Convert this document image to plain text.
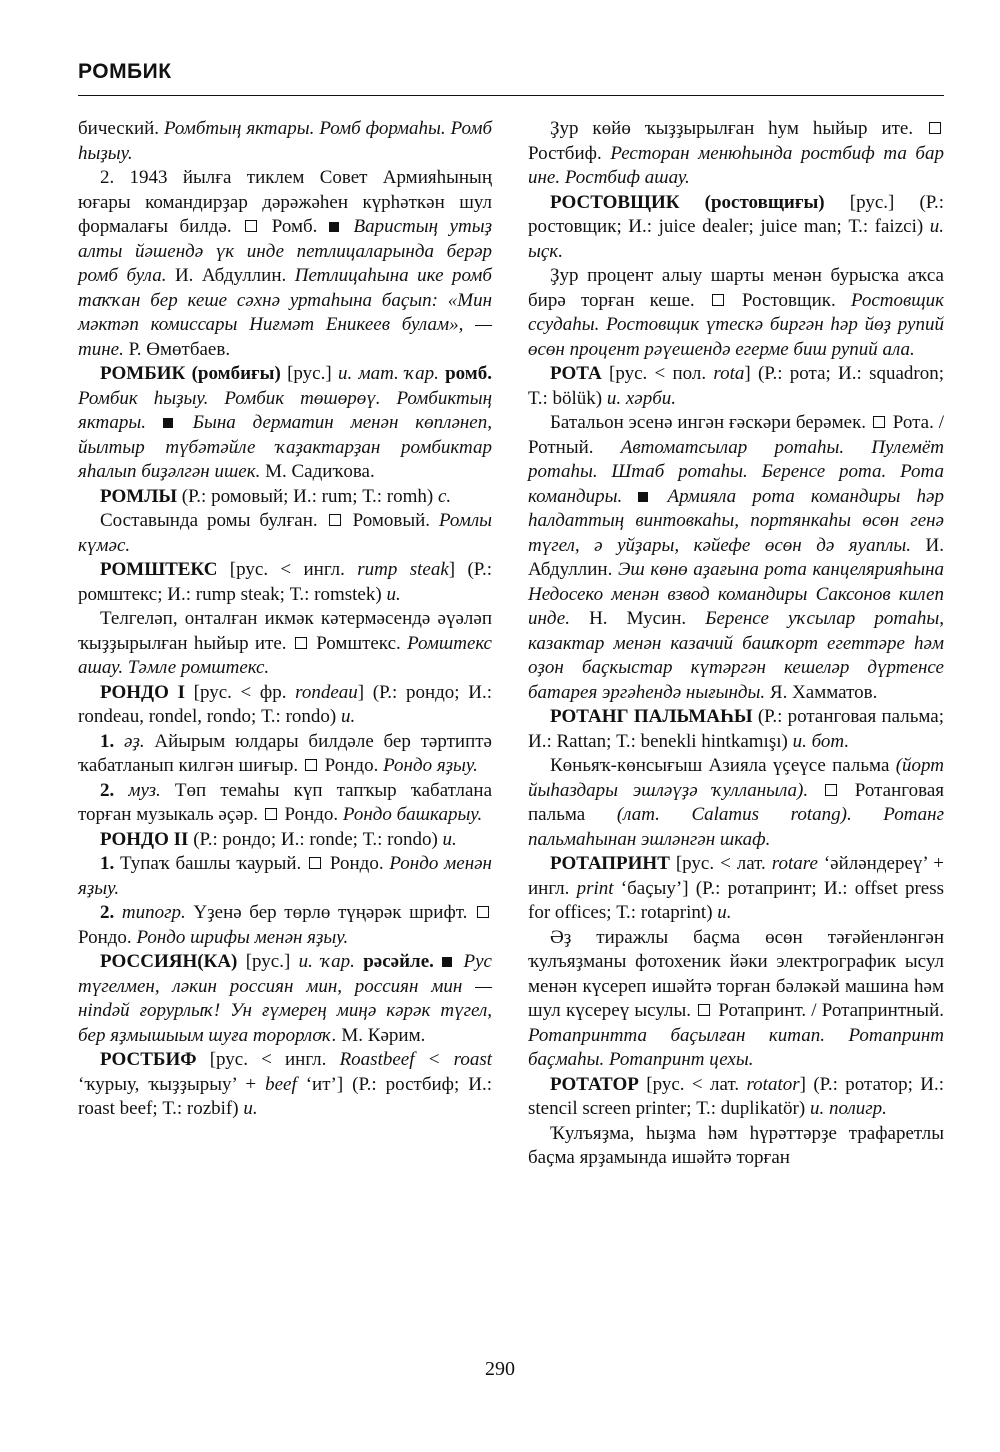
РОМБИК

бический. Ромбтың яктары. Ромб формаһы. Ромб һыҙыу.

2. 1943 йылға тиклем Совет Армияһының юғары командирҙар дәрәжәһен күрһәткән шул формалағы билдә.  Ромб.  Варистың утыҙ алты йәшендә үк инде петлицаларында берәр ромб була. И. Абдуллин. Петлицаһына ике ромб таҡҡан бер кеше сәхнә уртаһына баҫып: «Мин мәктәп комиссары Ниғмәт Еникеев булам», — тине. Р. Өмөтбаев.

РОМБИК (ромбиғы) [рус.] и. мат. ҡар. ромб. Ромбик һыҙыу. Ромбик төшөрөү. Ромбиктың яктары.  Бына дерматин менән көпләнеп, йылтыр түбәтәйле ҡаҙактарҙан ромбиктар яһалып биҙәлгән ишек. М. Садиҡова.

РОМЛЫ (Р.: ромовый; И.: rum; Т.: romh) с.

Составында ромы булған.  Ромовый. Ромлы күмәс.

РОМШТЕКС [рус. < ингл. rump steak] (Р.: ромштекс; И.: rump steak; Т.: romstek) и.

Телгеләп, онталған икмәк кәтермәсендә әүәләп ҡыҙҙырылған һыйыр ите.  Ромштекс. Ромштекс ашау. Тәмле ромштекс.

РОНДО I [рус. < фр. rondeau] (Р.: рондо; И.: rondeau, rondel, rondo; Т.: rondo) и.

1. әҙ. Айырым юлдары билдәле бер тәртиптә ҡабатланып килгән шиғыр.  Рондо. Рондо яҙыу.

2. муз. Төп темаһы күп тапҡыр ҡабатлана торған музыкаль әҫәр.  Рондо. Рондо башкарыу.

РОНДО II (Р.: рондо; И.: ronde; Т.: rondo) и.

1. Тупаҡ башлы ҡаурый.  Рондо. Рондо менән яҙыу.

2. типогр. Үҙенә бер төрлө түңәрәк шрифт.  Рондо. Рондо шрифы менән яҙыу.

РОССИЯН(КА) [рус.] и. ҡар. рәсәйле.  Рус түгелмен, ләкин россиян мин, россиян мин — нindәй ғорурлыҡ! Ун ғүмерең миңә кәрәк түгел, бер яҙмышыым шуға торорлоҡ. М. Кәрим.

РОСТБИФ [рус. < ингл. Roastbeef < roast ‘ҡурыу, ҡыҙҙырыу’ + beef ‘ит’] (Р.: ростбиф; И.: roast beef; Т.: rozbif) и.

Ҙур көйө ҡыҙҙырылған һум һыйыр ите.  Ростбиф. Ресторан менюһында ростбиф та бар ине. Ростбиф ашау.

РОСТОВЩИК (ростовщиғы) [рус.] (Р.: ростовщик; И.: juice dealer; juice man; Т.: faizci) и. ыҫк.

Ҙур процент алыу шарты менән бурысҡа аҡса бирә торған кеше.  Ростовщик. Ростовщик ссудаһы. Ростовщик үтескә биргән һәр йөҙ рупий өсөн процент рәүешендә егерме биш рупий ала.

РОТА [рус. < пол. rota] (Р.: рота; И.: squadron; Т.: bölük) и. хәрби.

Батальон эсенә ингән ғәскәри берәмек.  Рота. / Ротный. Автоматсылар ротаһы. Пулемёт ротаһы. Штаб ротаһы. Беренсе рота. Рота командиры.  Армияла рота командиры һәр һалдаттың винтовкаһы, портянкаһы өсөн генә түгел, ә уйҙары, кәйефе өсөн дә яуаплы. И. Абдуллин. Эш көнө аҙағына рота канцелярияһына Недосеко менән взвод командиры Саксонов килеп инде. Н. Мусин. Беренсе уҡсылар ротаһы, казактар менән казачий башҡорт егеттәре һәм оҙон баҫкыстар күтәргән кешеләр дүртенсе батарея эргәһендә нығынды. Я. Хамматов.

РОТАНГ ПАЛЬМАҺЫ (Р.: ротанговая пальма; И.: Rattan; Т.: benekli hintkamışı) и. бот.

Көньяҡ-көнсығыш Азияла үҫеүсе пальма (йорт йыһаздары эшләүҙә ҡулланыла).  Ротанговая пальма (лат. Calamus rotang). Ротанг пальмаһынан эшләнгән шкаф.

РОТАПРИНТ [рус. < лат. rotare ‘әйләндереү’ + ингл. print ‘баҫыу’] (Р.: ротапринт; И.: offset press for offices; Т.: rotaprint) и.

Әҙ тиражлы баҫма өсөн тәғәйенләнгән ҡулъяҙманы фотохеник йәки электрографик ысул менән күсереп ишәйтә торған бәләкәй машина һәм шул күсереү ысулы.  Ротапринт. / Ротапринтный. Ротапринтта баҫылған китап. Ротапринт баҫмаһы. Ротапринт цехы.

РОТАТОР [рус. < лат. rotator] (Р.: ротатор; И.: stencil screen printer; Т.: duplikatör) и. полигр.

Ҡулъяҙма, һыҙма һәм һүрәттәрҙе трафаретлы баҫма ярҙамында ишәйтә торған

290
